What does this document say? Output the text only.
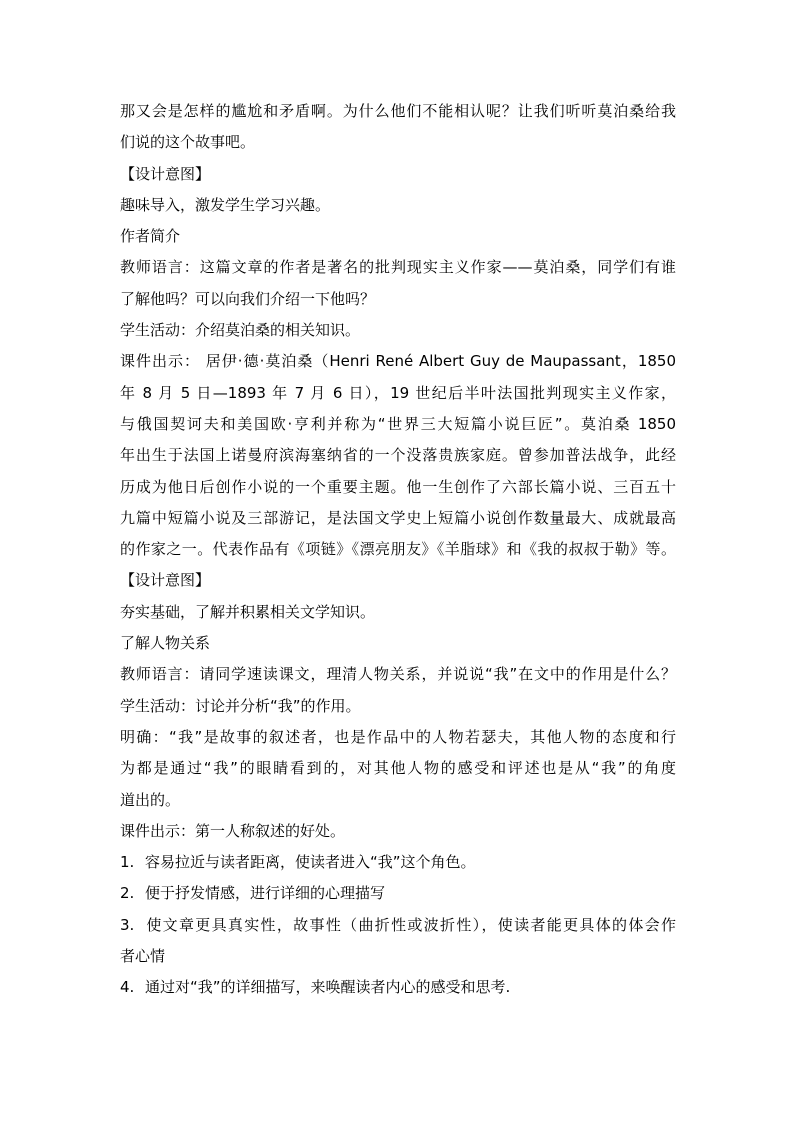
那又会是怎样的尴尬和矛盾啊。为什么他们不能相认呢？让我们听听莫泊桑给我
们说的这个故事吧。
【设计意图】
趣味导入，激发学生学习兴趣。
作者简介
教师语言：这篇文章的作者是著名的批判现实主义作家——莫泊桑，同学们有谁
了解他吗？可以向我们介绍一下他吗？
学生活动：介绍莫泊桑的相关知识。
课件出示： 居伊·德·莫泊桑（Henri René Albert Guy de Maupassant，1850
年 8 月 5 日—1893 年 7 月 6 日），19 世纪后半叶法国批判现实主义作家，
与俄国契诃夫和美国欧·亨利并称为“世界三大短篇小说巨匠”。莫泊桑 1850
年出生于法国上诺曼府滨海塞纳省的一个没落贵族家庭。曾参加普法战争，此经
历成为他日后创作小说的一个重要主题。他一生创作了六部长篇小说、三百五十
九篇中短篇小说及三部游记，是法国文学史上短篇小说创作数量最大、成就最高
的作家之一。代表作品有《项链》《漂亮朋友》《羊脂球》和《我的叔叔于勒》等。
【设计意图】
夯实基础，了解并积累相关文学知识。
了解人物关系
教师语言：请同学速读课文，理清人物关系，并说说“我”在文中的作用是什么？
学生活动：讨论并分析“我”的作用。
明确：“我”是故事的叙述者，也是作品中的人物若瑟夫，其他人物的态度和行
为都是通过“我”的眼睛看到的，对其他人物的感受和评述也是从“我”的角度
道出的。
课件出示：第一人称叙述的好处。
1. 容易拉近与读者距离，使读者进入“我”这个角色。
2. 便于抒发情感，进行详细的心理描写
3. 使文章更具真实性，故事性（曲折性或波折性），使读者能更具体的体会作
者心情
4. 通过对“我”的详细描写，来唤醒读者内心的感受和思考.
